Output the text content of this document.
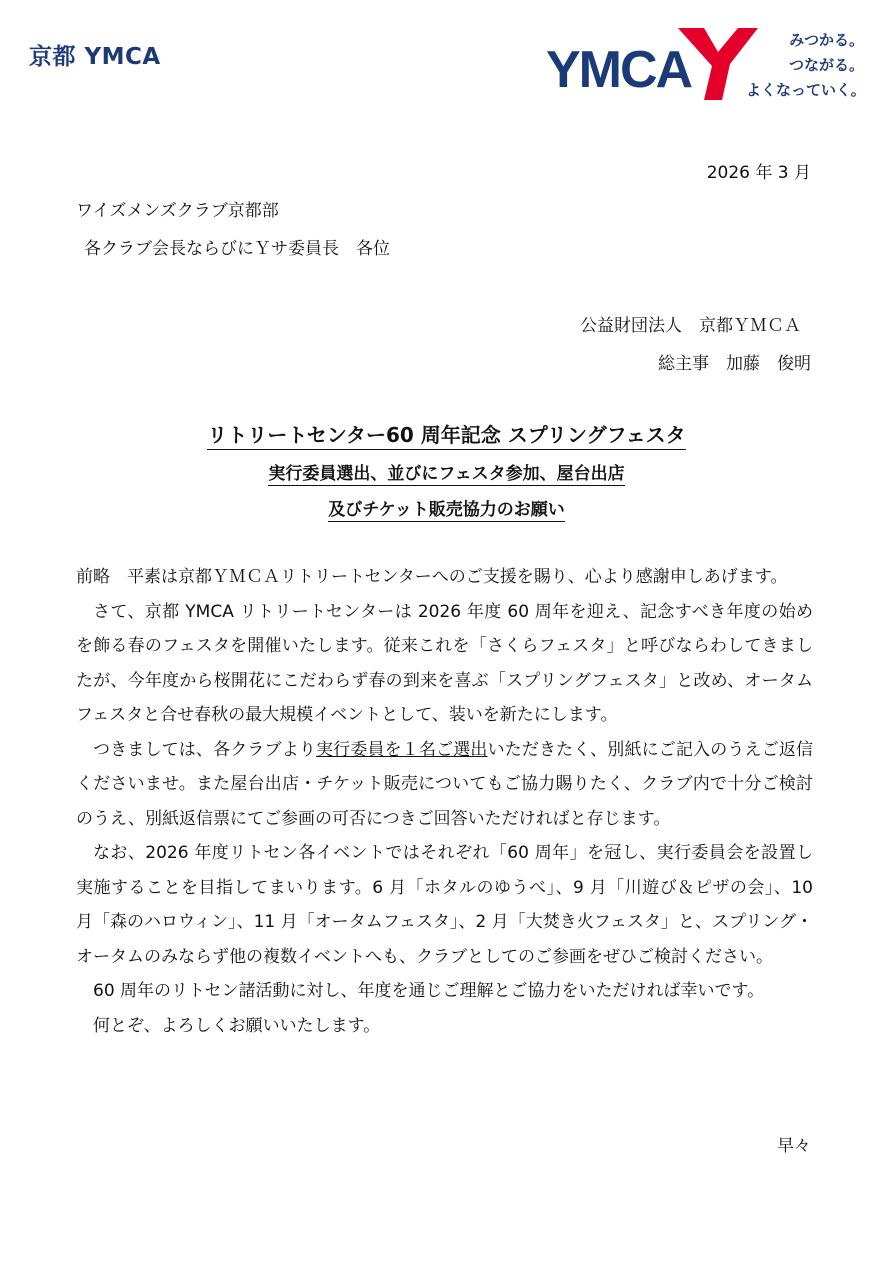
京都 YMCA	YMCA
みつかる。
つながる。
よくなっていく。
2026 年 3 月
ワイズメンズクラブ京都部
各クラブ会長ならびにＹサ委員長　各位
公益財団法人　京都ＹＭＣＡ
総主事　加藤　俊明
リトリートセンター60 周年記念 スプリングフェスタ
実行委員選出、並びにフェスタ参加、屋台出店
及びチケット販売協力のお願い

前略　平素は京都ＹＭＣＡリトリートセンターへのご支援を賜り、心より感謝申しあげます。

さて、京都 YMCA リトリートセンターは 2026 年度 60 周年を迎え、記念すべき年度の始めを飾る春のフェスタを開催いたします。従来これを「さくらフェスタ」と呼びならわしてきましたが、今年度から桜開花にこだわらず春の到来を喜ぶ「スプリングフェスタ」と改め、オータムフェスタと合せ春秋の最大規模イベントとして、装いを新たにします。

つきましては、各クラブより実行委員を１名ご選出いただきたく、別紙にご記入のうえご返信くださいませ。また屋台出店・チケット販売についてもご協力賜りたく、クラブ内で十分ご検討のうえ、別紙返信票にてご参画の可否につきご回答いただければと存じます。

なお、2026 年度リトセン各イベントではそれぞれ「60 周年」を冠し、実行委員会を設置し実施することを目指してまいります。6 月「ホタルのゆうべ」、9 月「川遊び＆ピザの会」、10 月「森のハロウィン」、11 月「オータムフェスタ」、2 月「大焚き火フェスタ」と、スプリング・オータムのみならず他の複数イベントへも、クラブとしてのご参画をぜひご検討ください。

60 周年のリトセン諸活動に対し、年度を通じご理解とご協力をいただければ幸いです。

何とぞ、よろしくお願いいたします。

早々
